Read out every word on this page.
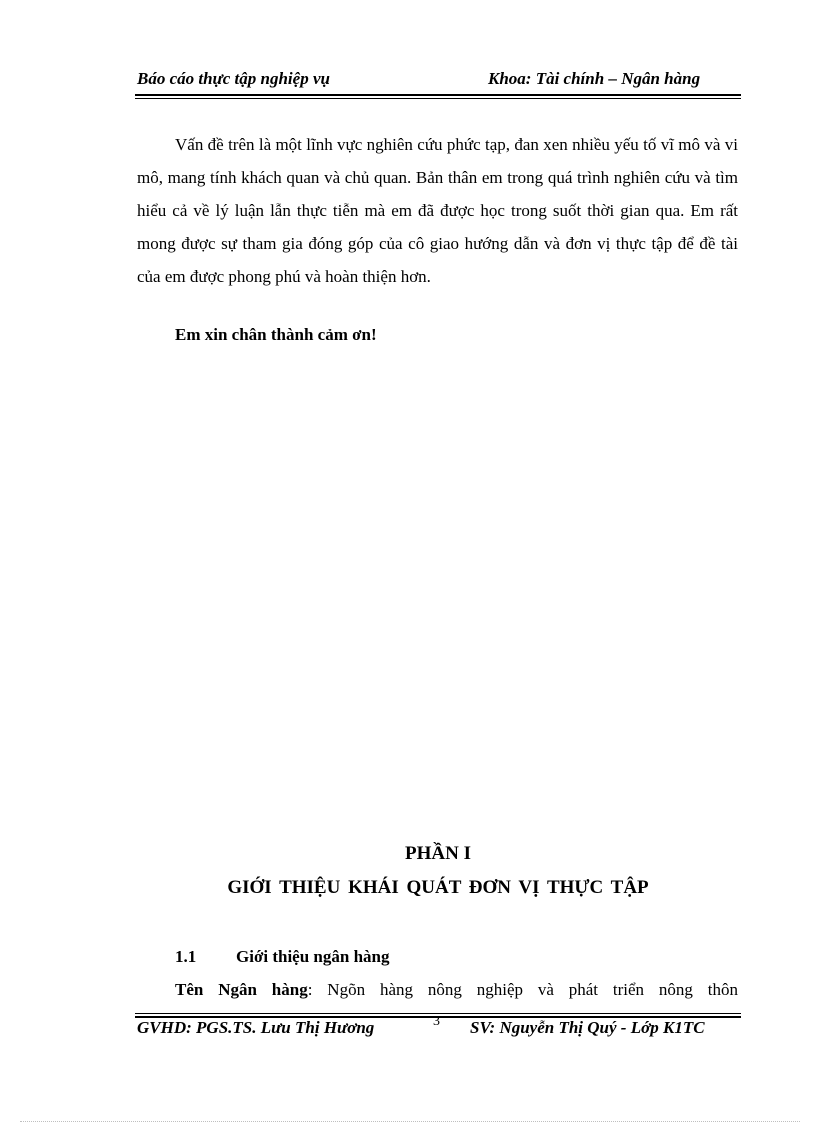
Báo cáo thực tập nghiệp vụ	Khoa: Tài chính – Ngân hàng
Vấn đề trên là một lĩnh vực nghiên cứu phức tạp, đan xen nhiều yếu tố vĩ mô và vi mô, mang tính khách quan và chủ quan. Bản thân em trong quá trình nghiên cứu và tìm hiểu cả về lý luận lẫn thực tiễn mà em đã được học trong suốt thời gian qua. Em rất mong được sự tham gia đóng góp của cô giao hướng dẫn và đơn vị thực tập để đề tài của em được phong phú và hoàn thiện hơn.
Em xin chân thành cảm ơn!
PHẦN I
GIỚI THIỆU KHÁI QUÁT ĐƠN VỊ THỰC TẬP
1.1 Giới thiệu ngân hàng
Tên Ngân hàng: Ngõn hàng nông nghiệp và phát triển nông thôn
GVHD: PGS.TS. Lưu Thị Hương	3 SV: Nguyễn Thị Quý - Lớp K1TC
